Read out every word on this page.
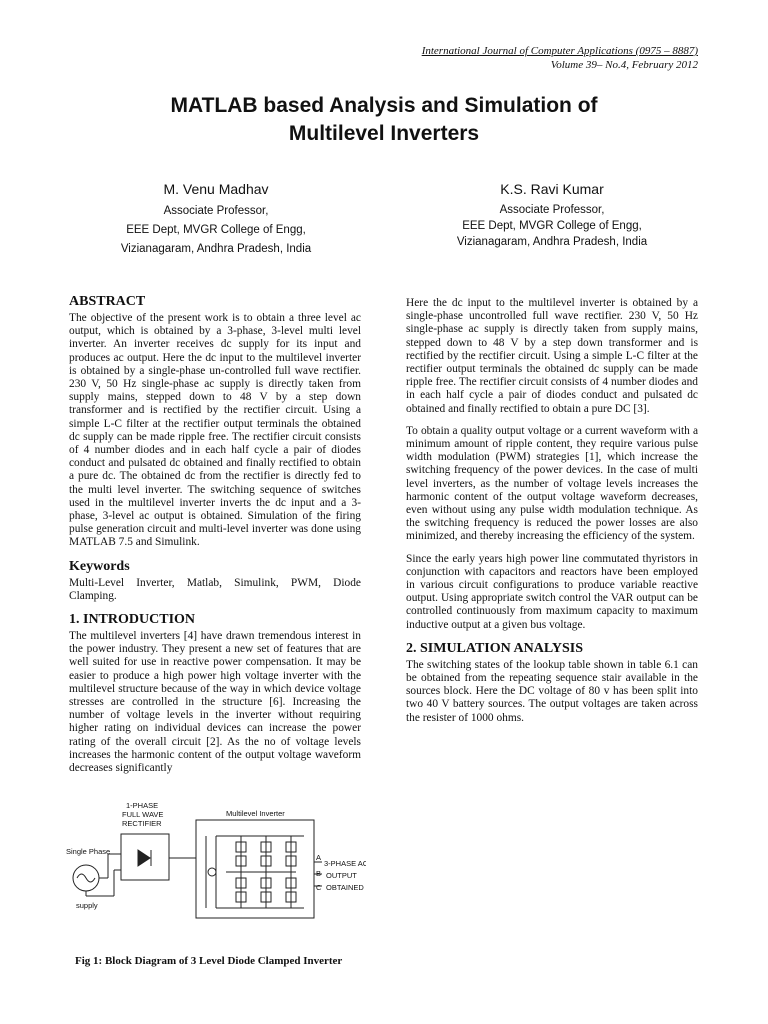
International Journal of Computer Applications (0975 – 8887)
Volume 39– No.4, February 2012
MATLAB based Analysis and Simulation of
Multilevel Inverters
M. Venu Madhav
Associate Professor,
EEE Dept, MVGR College of Engg,
Vizianagaram, Andhra Pradesh, India
K.S. Ravi Kumar
Associate Professor,
EEE Dept, MVGR College of Engg,
Vizianagaram, Andhra Pradesh, India
ABSTRACT

The objective of the present work is to obtain a three level ac output, which is obtained by a 3-phase, 3-level multi level inverter. An inverter receives dc supply for its input and produces ac output. Here the dc input to the multilevel inverter is obtained by a single-phase un-controlled full wave rectifier. 230 V, 50 Hz single-phase ac supply is directly taken from supply mains, stepped down to 48 V by a step down transformer and is rectified by the rectifier circuit. Using a simple L-C filter at the rectifier output terminals the obtained dc supply can be made ripple free. The rectifier circuit consists of 4 number diodes and in each half cycle a pair of diodes conduct and pulsated dc obtained and finally rectified to obtain a pure dc. The obtained dc from the rectifier is directly fed to the multi level inverter. The switching sequence of switches used in the multilevel inverter inverts the dc input and a 3-phase, 3-level ac output is obtained. Simulation of the firing pulse generation circuit and multi-level inverter was done using MATLAB 7.5 and Simulink.

Keywords

Multi-Level Inverter, Matlab, Simulink, PWM, Diode Clamping.

1. INTRODUCTION

The multilevel inverters [4] have drawn tremendous interest in the power industry. They present a new set of features that are well suited for use in reactive power compensation. It may be easier to produce a high power high voltage inverter with the multilevel structure because of the way in which device voltage stresses are controlled in the structure [6]. Increasing the number of voltage levels in the inverter without requiring higher rating on individual devices can increase the power rating of the overall circuit [2]. As the no of voltage levels increases the harmonic content of the output voltage waveform decreases significantly

Here the dc input to the multilevel inverter is obtained by a single-phase uncontrolled full wave rectifier. 230 V, 50 Hz single-phase ac supply is directly taken from supply mains, stepped down to 48 V by a step down transformer and is rectified by the rectifier circuit. Using a simple L-C filter at the rectifier output terminals the obtained dc supply can be made ripple free. The rectifier circuit consists of 4 number diodes and in each half cycle a pair of diodes conduct and pulsated dc obtained and finally rectified to obtain a pure DC [3].

To obtain a quality output voltage or a current waveform with a minimum amount of ripple content, they require various pulse width modulation (PWM) strategies [1], which increase the switching frequency of the power devices. In the case of multi level inverters, as the number of voltage levels increases the harmonic content of the output voltage waveform decreases, even without using any pulse width modulation technique. As the switching frequency is reduced the power losses are also minimized, and thereby increasing the efficiency of the system.

Since the early years high power line commutated thyristors in conjunction with capacitors and reactors have been employed in various circuit configurations to produce variable reactive output. Using appropriate switch control the VAR output can be controlled continuously from maximum capacity to maximum inductive output at a given bus voltage.

2. SIMULATION ANALYSIS

The switching states of the lookup table shown in table 6.1 can be obtained from the repeating sequence stair available in the sources block. Here the DC voltage of 80 v has been split into two 40 V battery sources. The output voltages are taken across the resister of 1000 ohms.

1-PHASE
FULL WAVE
RECTIFIER
Multilevel Inverter
Single Phase
supply
A
B
C
3-PHASE AC
OUTPUT
OBTAINED
Fig 1: Block Diagram of 3 Level Diode Clamped Inverter
